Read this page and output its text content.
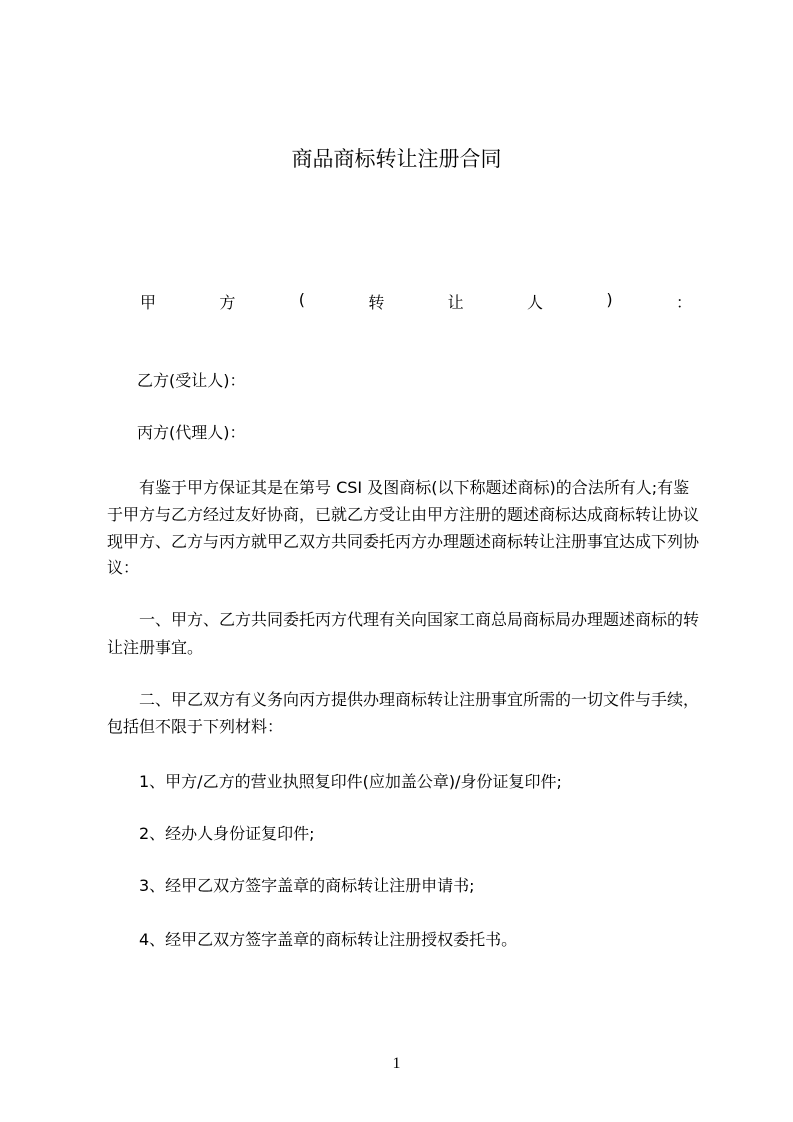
商品商标转让注册合同
甲	方	(	转	让	人	)	：
乙方(受让人)：
丙方(代理人)：
　　有鉴于甲方保证其是在第号 CSI 及图商标(以下称题述商标)的合法所有人;有鉴
于甲方与乙方经过友好协商，已就乙方受让由甲方注册的题述商标达成商标转让协议
现甲方、乙方与丙方就甲乙双方共同委托丙方办理题述商标转让注册事宜达成下列协
议：
　　一、甲方、乙方共同委托丙方代理有关向国家工商总局商标局办理题述商标的转
让注册事宜。
　　二、甲乙双方有义务向丙方提供办理商标转让注册事宜所需的一切文件与手续，
包括但不限于下列材料：
　　1、甲方/乙方的营业执照复印件(应加盖公章)/身份证复印件;
　　2、经办人身份证复印件;
　　3、经甲乙双方签字盖章的商标转让注册申请书;
　　4、经甲乙双方签字盖章的商标转让注册授权委托书。
1
